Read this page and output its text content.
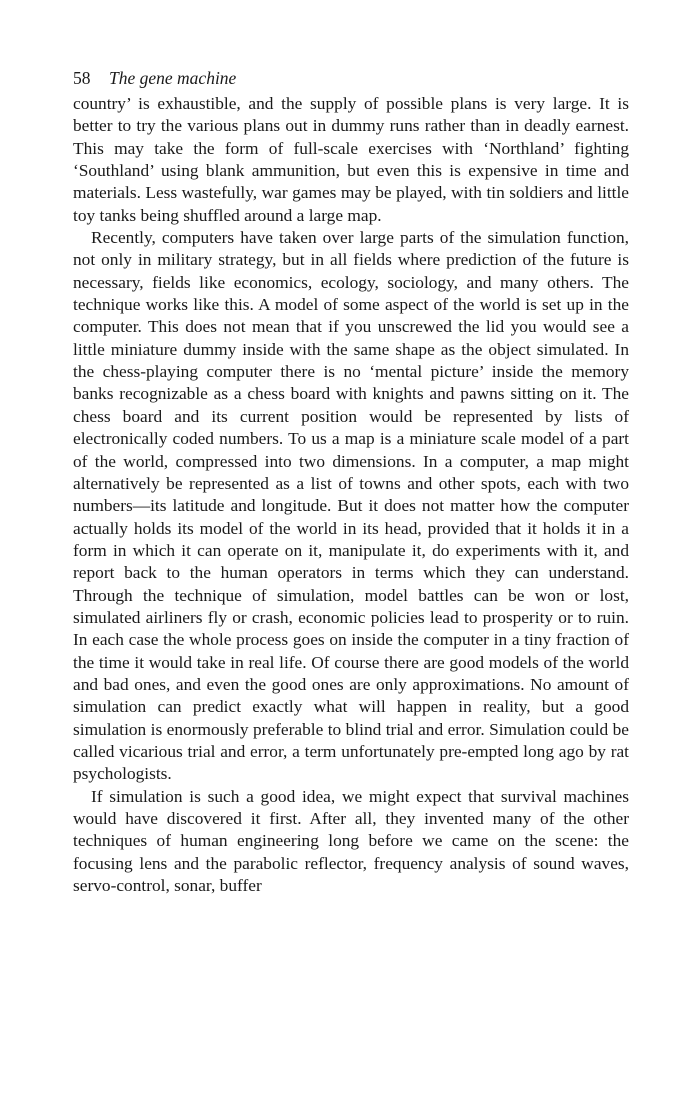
58	The gene machine

country’ is exhaustible, and the supply of possible plans is very large. It is better to try the various plans out in dummy runs rather than in deadly earnest. This may take the form of full-scale exercises with ‘Northland’ fighting ‘Southland’ using blank ammunition, but even this is expensive in time and materials. Less wastefully, war games may be played, with tin soldiers and little toy tanks being shuffled around a large map.

Recently, computers have taken over large parts of the simulation function, not only in military strategy, but in all fields where prediction of the future is necessary, fields like economics, ecology, sociology, and many others. The technique works like this. A model of some aspect of the world is set up in the computer. This does not mean that if you unscrewed the lid you would see a little miniature dummy inside with the same shape as the object simulated. In the chess-playing computer there is no ‘mental picture’ inside the memory banks recognizable as a chess board with knights and pawns sitting on it. The chess board and its current position would be represented by lists of electronically coded numbers. To us a map is a miniature scale model of a part of the world, compressed into two dimensions. In a computer, a map might alternatively be represented as a list of towns and other spots, each with two numbers—its latitude and longitude. But it does not matter how the computer actually holds its model of the world in its head, provided that it holds it in a form in which it can operate on it, manipulate it, do experiments with it, and report back to the human operators in terms which they can understand. Through the technique of simulation, model battles can be won or lost, simulated airliners fly or crash, economic policies lead to prosperity or to ruin. In each case the whole process goes on inside the computer in a tiny fraction of the time it would take in real life. Of course there are good models of the world and bad ones, and even the good ones are only approximations. No amount of simulation can predict exactly what will happen in reality, but a good simulation is enormously preferable to blind trial and error. Simulation could be called vicarious trial and error, a term unfortunately pre-empted long ago by rat psychologists.

If simulation is such a good idea, we might expect that survival machines would have discovered it first. After all, they invented many of the other techniques of human engineering long before we came on the scene: the focusing lens and the parabolic reflector, frequency analysis of sound waves, servo-control, sonar, buffer
